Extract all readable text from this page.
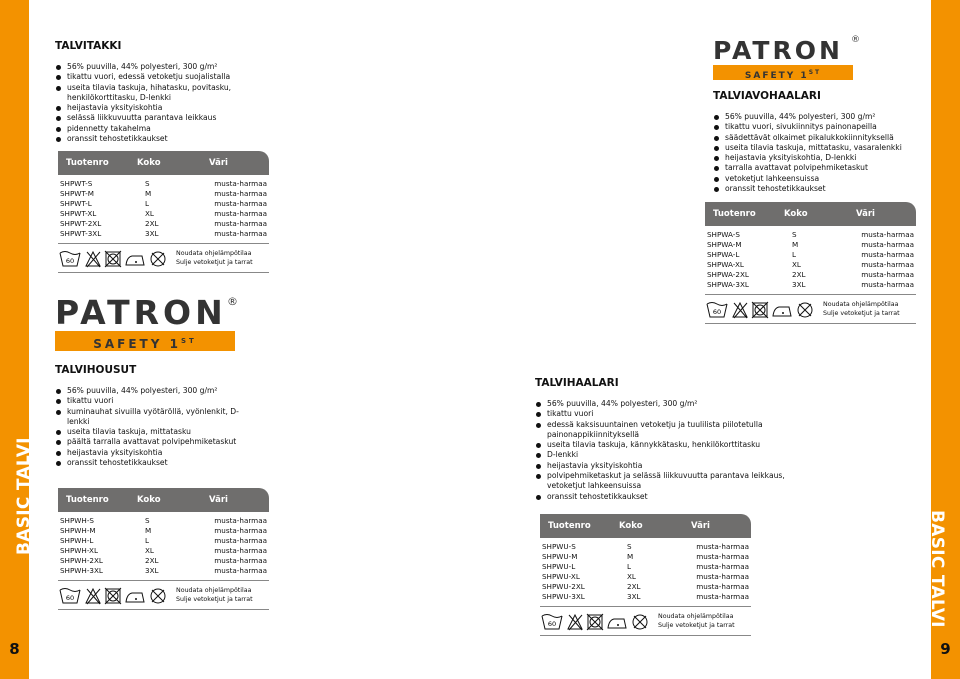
BASIC TALVI
8
BASIC TALVI
9
PATRON ®
SAFETY 1ST
PATRON ®
SAFETY 1ST
TALVITAKKI
56% puuvilla, 44% polyesteri, 300 g/m²
tikattu vuori, edessä vetoketju suojalistalla
useita tilavia taskuja, hihatasku, povitasku, henkilökorttitasku, D-lenkki
heijastavia yksityiskohtia
selässä liikkuvuutta parantava leikkaus
pidennetty takahelma
oranssit tehostetikkaukset
Tuotenro	Koko	Väri
SHPWT-S	S	musta-harmaa
SHPWT-M	M	musta-harmaa
SHPWT-L	L	musta-harmaa
SHPWT-XL	XL	musta-harmaa
SHPWT-2XL	2XL	musta-harmaa
SHPWT-3XL	3XL	musta-harmaa
60
Noudata ohjelämpötilaa
Sulje vetoketjut ja tarrat
TALVIHOUSUT
56% puuvilla, 44% polyesteri, 300 g/m²
tikattu vuori
kuminauhat sivuilla vyötäröllä, vyönlenkit, D-lenkki
useita tilavia taskuja, mittatasku
päältä tarralla avattavat polvipehmiketaskut
heijastavia yksityiskohtia
oranssit tehostetikkaukset
Tuotenro	Koko	Väri
SHPWH-S	S	musta-harmaa
SHPWH-M	M	musta-harmaa
SHPWH-L	L	musta-harmaa
SHPWH-XL	XL	musta-harmaa
SHPWH-2XL	2XL	musta-harmaa
SHPWH-3XL	3XL	musta-harmaa
60
Noudata ohjelämpötilaa
Sulje vetoketjut ja tarrat
TALVIAVOHAALARI
56% puuvilla, 44% polyesteri, 300 g/m²
tikattu vuori, sivukiinnitys painonapeilla
säädettävät olkaimet pikalukkokiinnityksellä
useita tilavia taskuja, mittatasku, vasaralenkki
heijastavia yksityiskohtia, D-lenkki
tarralla avattavat polvipehmiketaskut
vetoketjut lahkeensuissa
oranssit tehostetikkaukset
Tuotenro	Koko	Väri
SHPWA-S	S	musta-harmaa
SHPWA-M	M	musta-harmaa
SHPWA-L	L	musta-harmaa
SHPWA-XL	XL	musta-harmaa
SHPWA-2XL	2XL	musta-harmaa
SHPWA-3XL	3XL	musta-harmaa
60
Noudata ohjelämpötilaa
Sulje vetoketjut ja tarrat
TALVIHAALARI
56% puuvilla, 44% polyesteri, 300 g/m²
tikattu vuori
edessä kaksisuuntainen vetoketju ja tuulilista piilotetulla painonappikiinnityksellä
useita tilavia taskuja, kännykkätasku, henkilökorttitasku
D-lenkki
heijastavia yksityiskohtia
polvipehmiketaskut ja selässä liikkuvuutta parantava leikkaus, vetoketjut lahkeensuissa
oranssit tehostetikkaukset
Tuotenro	Koko	Väri
SHPWU-S	S	musta-harmaa
SHPWU-M	M	musta-harmaa
SHPWU-L	L	musta-harmaa
SHPWU-XL	XL	musta-harmaa
SHPWU-2XL	2XL	musta-harmaa
SHPWU-3XL	3XL	musta-harmaa
60
Noudata ohjelämpötilaa
Sulje vetoketjut ja tarrat
